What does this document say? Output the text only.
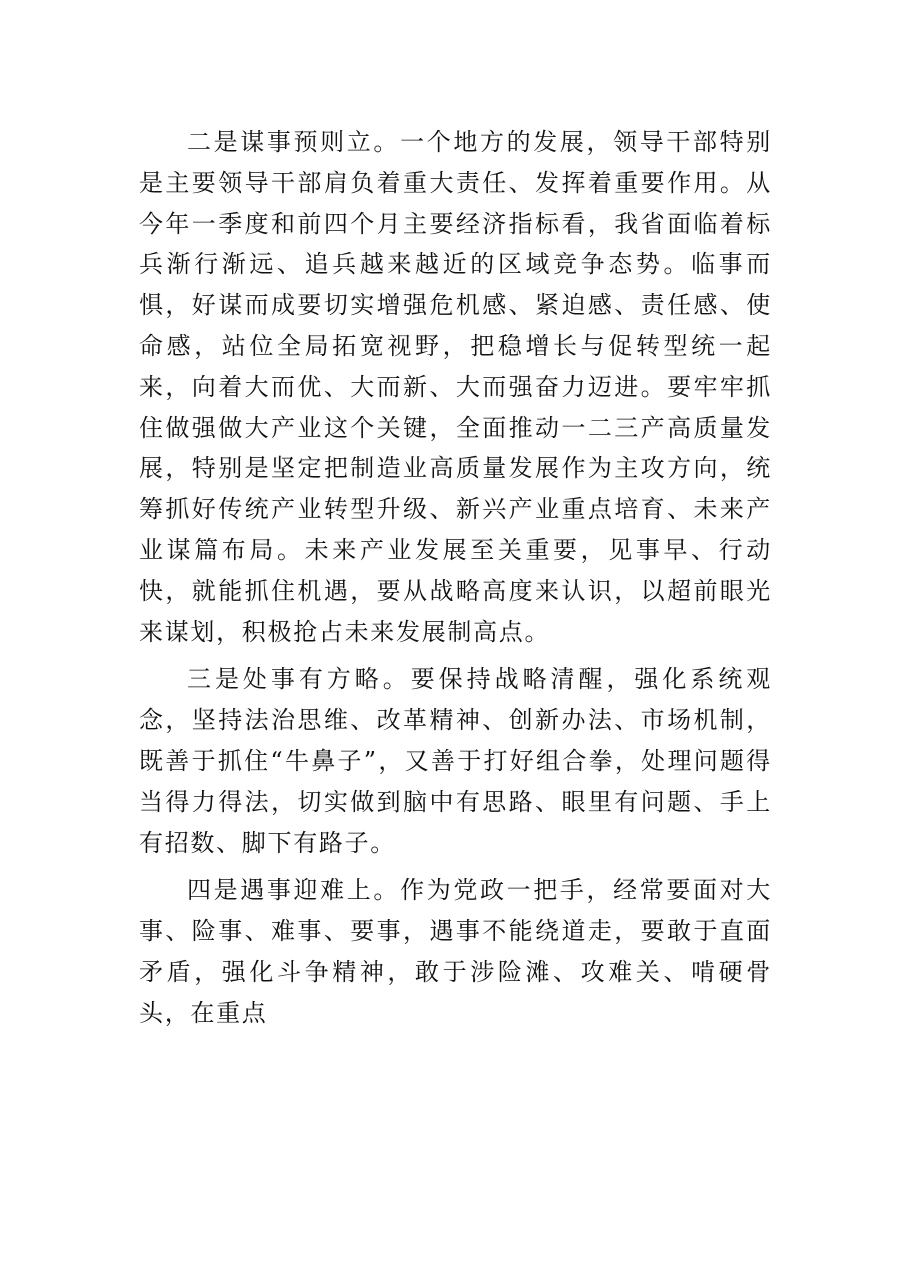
二是谋事预则立。一个地方的发展，领导干部特别是主要领导干部肩负着重大责任、发挥着重要作用。从今年一季度和前四个月主要经济指标看，我省面临着标兵渐行渐远、追兵越来越近的区域竞争态势。临事而惧，好谋而成要切实增强危机感、紧迫感、责任感、使命感，站位全局拓宽视野，把稳增长与促转型统一起来，向着大而优、大而新、大而强奋力迈进。要牢牢抓住做强做大产业这个关键，全面推动一二三产高质量发展，特别是坚定把制造业高质量发展作为主攻方向，统筹抓好传统产业转型升级、新兴产业重点培育、未来产业谋篇布局。未来产业发展至关重要，见事早、行动快，就能抓住机遇，要从战略高度来认识，以超前眼光来谋划，积极抢占未来发展制高点。

三是处事有方略。要保持战略清醒，强化系统观念，坚持法治思维、改革精神、创新办法、市场机制，既善于抓住“牛鼻子”，又善于打好组合拳，处理问题得当得力得法，切实做到脑中有思路、眼里有问题、手上有招数、脚下有路子。

四是遇事迎难上。作为党政一把手，经常要面对大事、险事、难事、要事，遇事不能绕道走，要敢于直面矛盾，强化斗争精神，敢于涉险滩、攻难关、啃硬骨头，在重点
